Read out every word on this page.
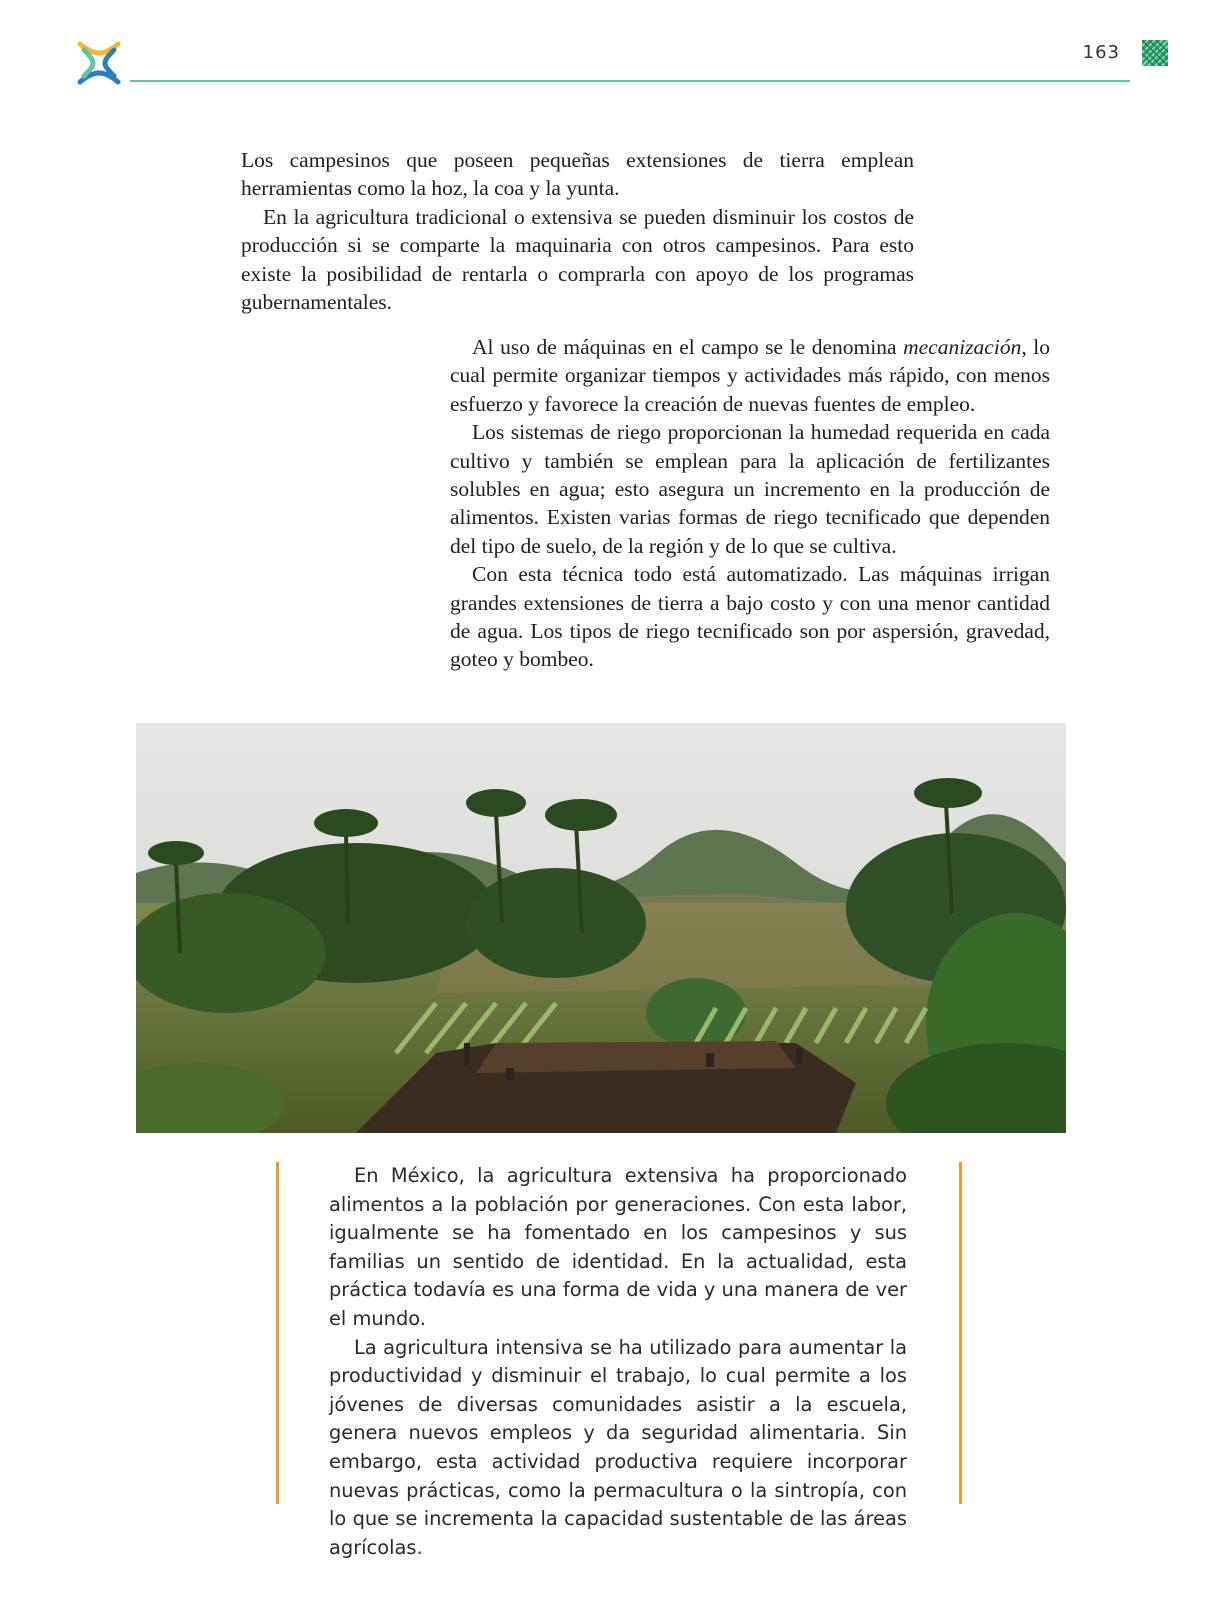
163

Los campesinos que poseen pequeñas extensiones de tierra emplean herramientas como la hoz, la coa y la yunta.

En la agricultura tradicional o extensiva se pueden disminuir los costos de producción si se comparte la maquinaria con otros campesinos. Para esto existe la posibilidad de rentarla o comprarla con apoyo de los programas gubernamentales.

Al uso de máquinas en el campo se le denomina mecanización, lo cual permite organizar tiempos y actividades más rápido, con menos esfuerzo y favorece la creación de nuevas fuentes de empleo.

Los sistemas de riego proporcionan la humedad requerida en cada cultivo y también se emplean para la aplicación de fertilizantes solubles en agua; esto asegura un incremento en la producción de alimentos. Existen varias formas de riego tecnificado que dependen del tipo de suelo, de la región y de lo que se cultiva.

Con esta técnica todo está automatizado. Las máquinas irrigan grandes extensiones de tierra a bajo costo y con una menor cantidad de agua. Los tipos de riego tecnificado son por aspersión, gravedad, goteo y bombeo.

En México, la agricultura extensiva ha proporcionado alimentos a la población por generaciones. Con esta labor, igualmente se ha fomentado en los campesinos y sus familias un sentido de identidad. En la actualidad, esta práctica todavía es una forma de vida y una manera de ver el mundo.

La agricultura intensiva se ha utilizado para aumentar la productividad y disminuir el trabajo, lo cual permite a los jóvenes de diversas comunidades asistir a la escuela, genera nuevos empleos y da seguridad alimentaria. Sin embargo, esta actividad productiva requiere incorporar nuevas prácticas, como la permacultura o la sintropía, con lo que se incrementa la capacidad sustentable de las áreas agrícolas.
